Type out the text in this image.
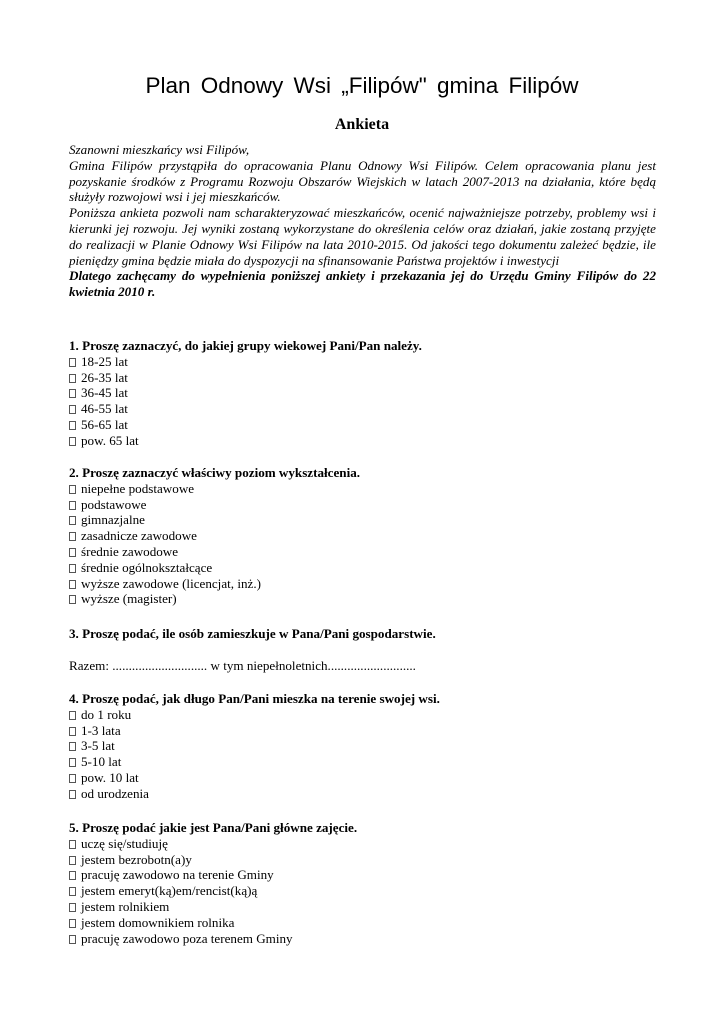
Plan Odnowy Wsi „Filipów" gmina Filipów
Ankieta

Szanowni mieszkańcy wsi Filipów,

Gmina Filipów przystąpiła do opracowania Planu Odnowy Wsi Filipów. Celem opracowania planu jest pozyskanie środków z Programu Rozwoju Obszarów Wiejskich w latach 2007-2013 na działania, które będą służyły rozwojowi wsi i jej mieszkańców.

Poniższa ankieta pozwoli nam scharakteryzować mieszkańców, ocenić najważniejsze potrzeby, problemy wsi i kierunki jej rozwoju. Jej wyniki zostaną wykorzystane do określenia celów oraz działań, jakie zostaną przyjęte do realizacji w Planie Odnowy Wsi Filipów na lata 2010-2015. Od jakości tego dokumentu zależeć będzie, ile pieniędzy gmina będzie miała do dyspozycji na sfinansowanie Państwa projektów i inwestycji

Dlatego zachęcamy do wypełnienia poniższej ankiety i przekazania jej do Urzędu Gminy Filipów do 22 kwietnia 2010 r.

1. Proszę zaznaczyć, do jakiej grupy wiekowej Pani/Pan należy.

18-25 lat

26-35 lat

36-45 lat

46-55 lat

56-65 lat

pow. 65 lat

2. Proszę zaznaczyć właściwy poziom wykształcenia.

niepełne podstawowe

podstawowe

gimnazjalne

zasadnicze zawodowe

średnie zawodowe

średnie ogólnokształcące

wyższe zawodowe (licencjat, inż.)

wyższe (magister)

3. Proszę podać, ile osób zamieszkuje w Pana/Pani gospodarstwie.

Razem: ............................. w tym niepełnoletnich...........................

4. Proszę podać, jak długo Pan/Pani mieszka na terenie swojej wsi.

do 1 roku

1-3 lata

3-5 lat

5-10 lat

pow. 10 lat

od urodzenia

5. Proszę podać jakie jest Pana/Pani główne zajęcie.

uczę się/studiuję

jestem bezrobotn(a)y

pracuję zawodowo na terenie Gminy

jestem emeryt(ką)em/rencist(ką)ą

jestem rolnikiem

jestem domownikiem rolnika

pracuję zawodowo poza terenem Gminy
